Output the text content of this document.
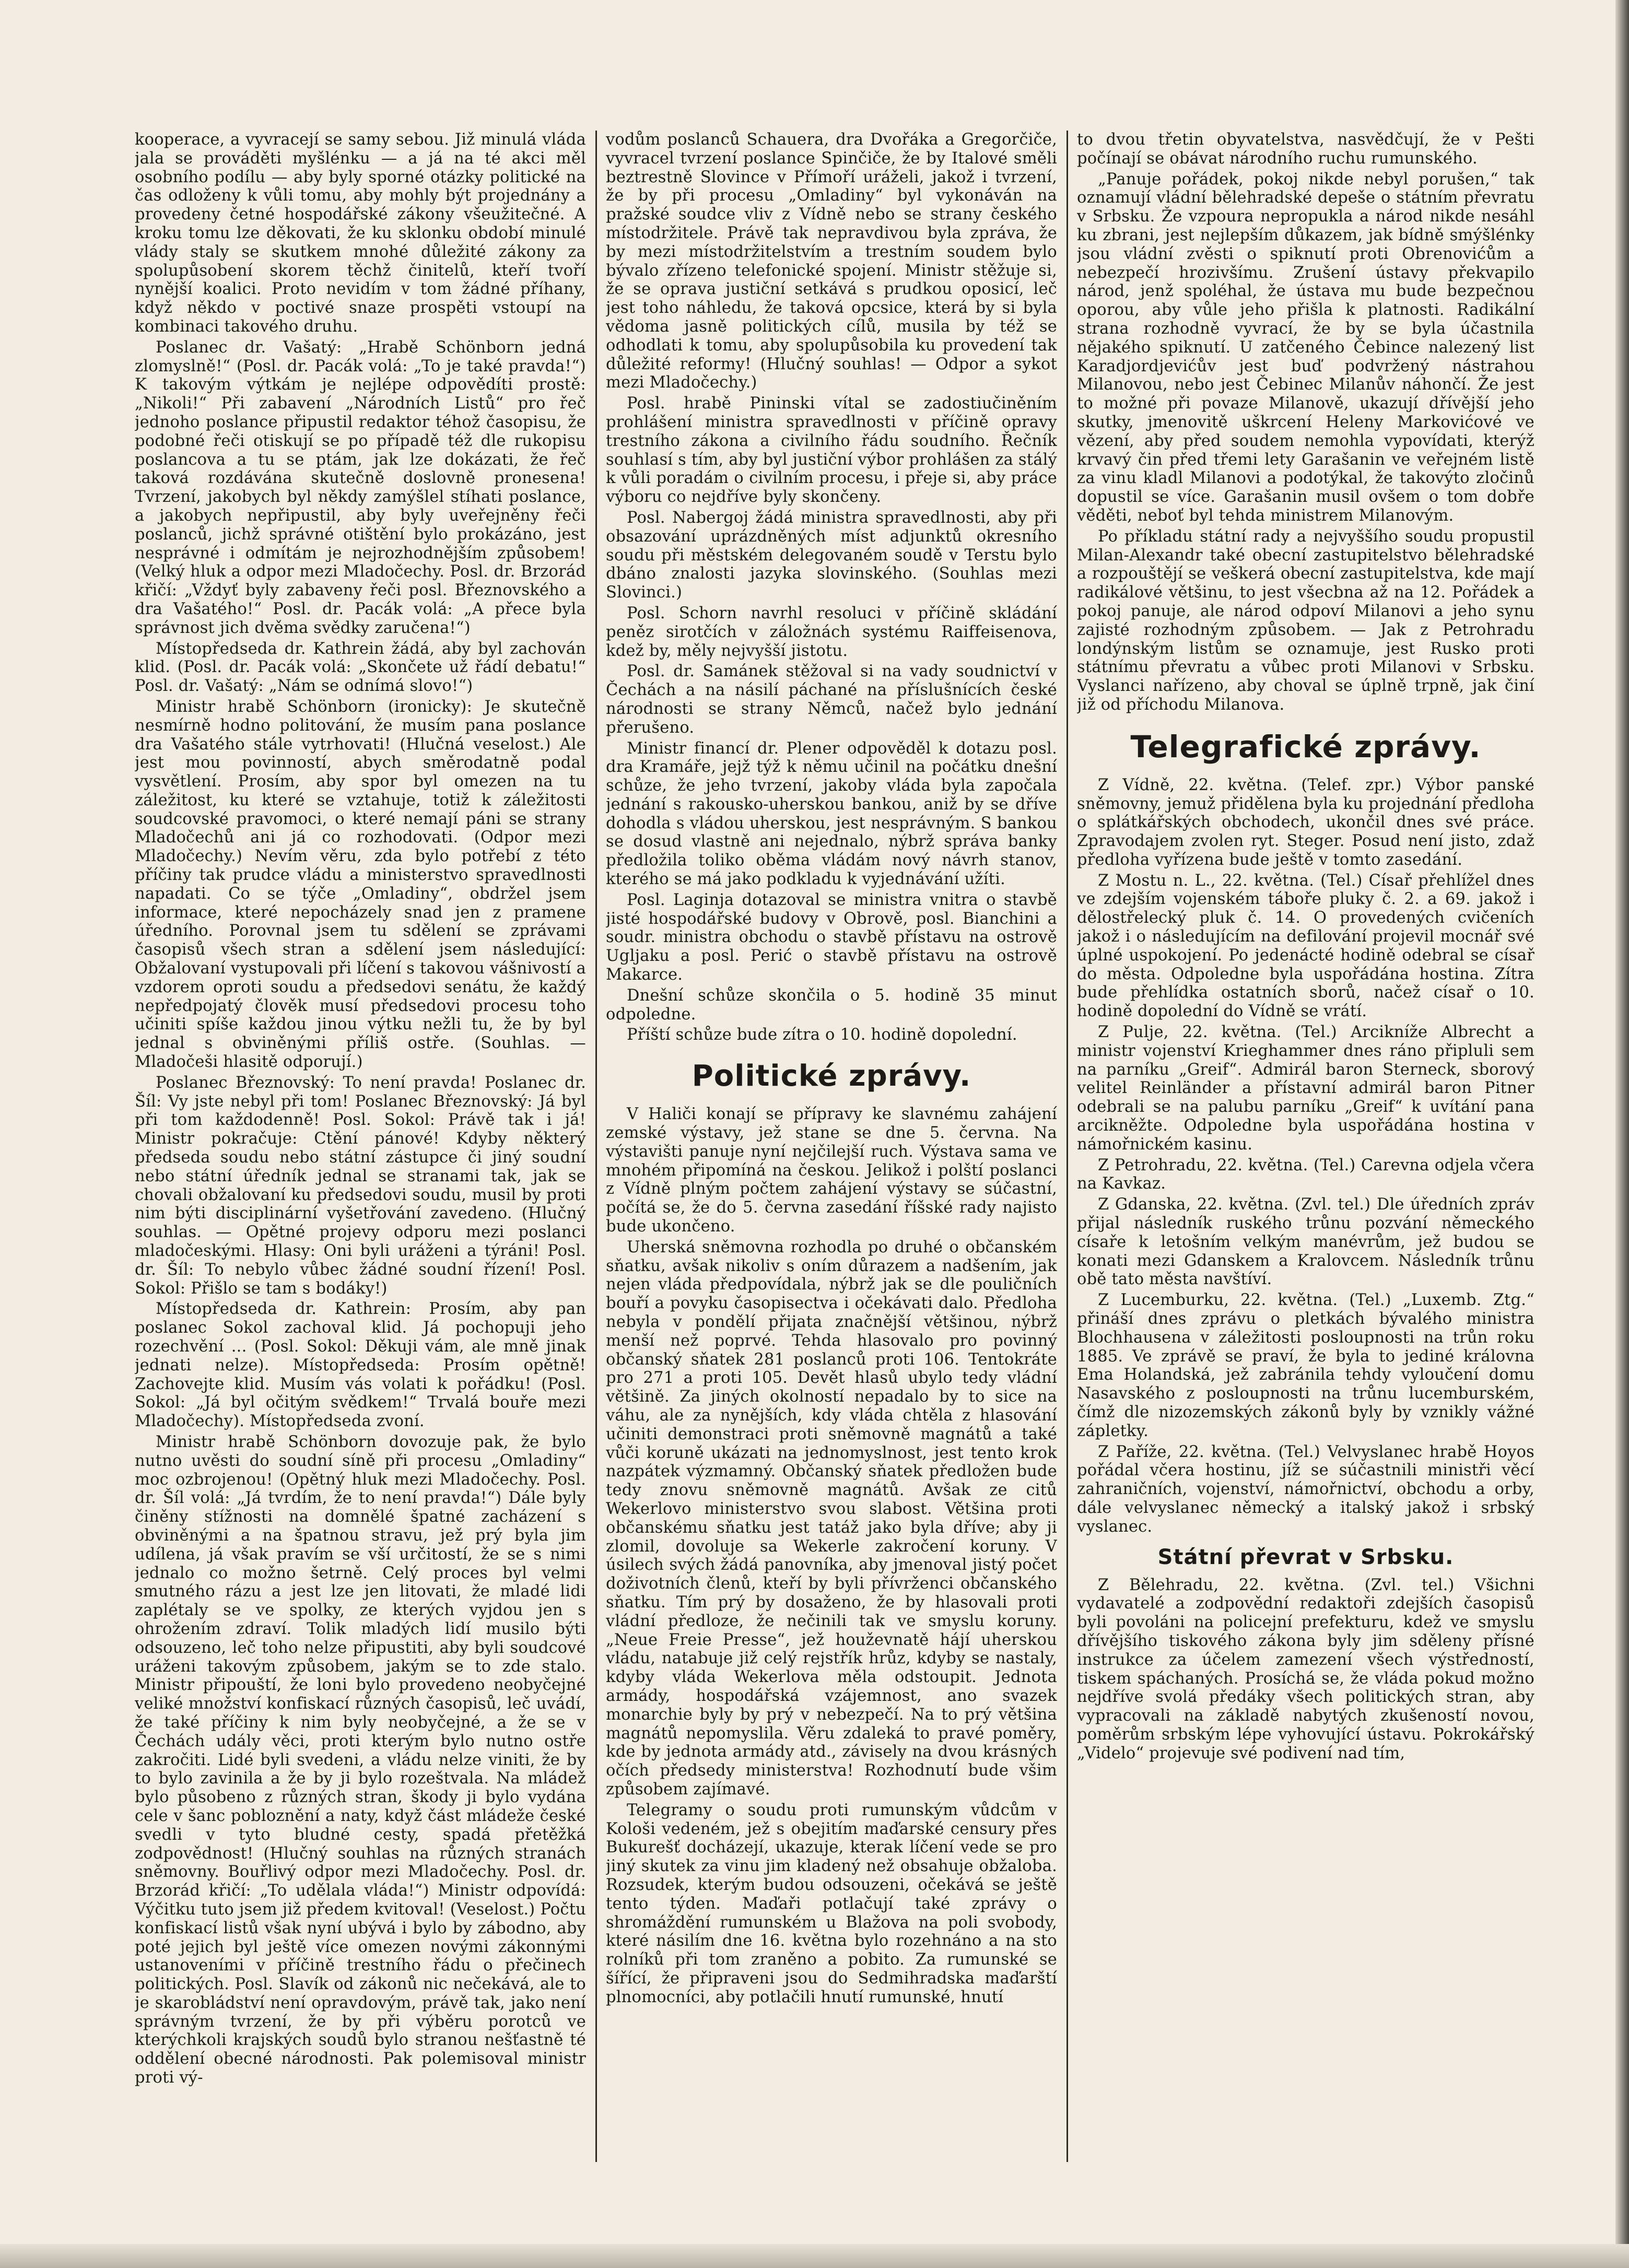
kooperace, a vyvracejí se samy sebou. Již minulá vláda jala se prováděti myšlénku — a já na té akci měl osobního podílu — aby byly sporné otázky politické na čas odloženy k vůli tomu, aby mohly být projednány a provedeny četné hospodářské zákony všeužitečné. A kroku tomu lze děkovati, že ku sklonku období minulé vlády staly se skutkem mnohé důležité zákony za spolupůsobení skorem těchž činitelů, kteří tvoří nynější koalici. Proto nevidím v tom žádné příhany, když někdo v poctivé snaze prospěti vstoupí na kombinaci takového druhu.

Poslanec dr. Vašatý: „Hrabě Schönborn jedná zlomyslně!“ (Posl. dr. Pacák volá: „To je také pravda!“) K takovým výtkám je nejlépe odpovědíti prostě: „Nikoli!“ Při zabavení „Národních Listů“ pro řeč jednoho poslance připustil redaktor téhož časopisu, že podobné řeči otiskují se po případě též dle rukopisu poslancova a tu se ptám, jak lze dokázati, že řeč taková rozdávána skutečně doslovně pronesena! Tvrzení, jakobych byl někdy zamýšlel stíhati poslance, a jakobych nepřipustil, aby byly uveřejněny řeči poslanců, jichž správné otištění bylo prokázáno, jest nesprávné i odmítám je nejrozhodnějším způsobem! (Velký hluk a odpor mezi Mladočechy. Posl. dr. Brzorád křičí: „Vždyť byly zabaveny řeči posl. Březnovského a dra Vašatého!“ Posl. dr. Pacák volá: „A přece byla správnost jich dvěma svědky zaručena!“)

Místopředseda dr. Kathrein žádá, aby byl zachován klid. (Posl. dr. Pacák volá: „Skončete už řádí debatu!“ Posl. dr. Vašatý: „Nám se odnímá slovo!“)

Ministr hrabě Schönborn (ironicky): Je skutečně nesmírně hodno politování, že musím pana poslance dra Vašatého stále vytrhovati! (Hlučná veselost.) Ale jest mou povinností, abych směrodatně podal vysvětlení. Prosím, aby spor byl omezen na tu záležitost, ku které se vztahuje, totiž k záležitosti soudcovské pravomoci, o které nemají páni se strany Mladočechů ani já co rozhodovati. (Odpor mezi Mladočechy.) Nevím věru, zda bylo potřebí z této příčiny tak prudce vládu a ministerstvo spravedlnosti napadati. Co se týče „Omladiny“, obdržel jsem informace, které nepocházely snad jen z pramene úředního. Porovnal jsem tu sdělení se zprávami časopisů všech stran a sdělení jsem následující: Obžalovaní vystupovali při líčení s takovou vášnivostí a vzdorem oproti soudu a předsedovi senátu, že každý nepředpojatý člověk musí předsedovi procesu toho učiniti spíše každou jinou výtku nežli tu, že by byl jednal s obviněnými příliš ostře. (Souhlas. — Mladočeši hlasitě odporují.)

Poslanec Březnovský: To není pravda! Poslanec dr. Šíl: Vy jste nebyl při tom! Poslanec Březnovský: Já byl při tom každodenně! Posl. Sokol: Právě tak i já! Ministr pokračuje: Ctění pánové! Kdyby některý předseda soudu nebo státní zástupce či jiný soudní nebo státní úředník jednal se stranami tak, jak se chovali obžalovaní ku předsedovi soudu, musil by proti nim býti disciplinární vyšetřování zavedeno. (Hlučný souhlas. — Opětné projevy odporu mezi poslanci mladočeskými. Hlasy: Oni byli uráženi a týráni! Posl. dr. Šíl: To nebylo vůbec žádné soudní řízení! Posl. Sokol: Přišlo se tam s bodáky!)

Místopředseda dr. Kathrein: Prosím, aby pan poslanec Sokol zachoval klid. Já pochopuji jeho rozechvění ... (Posl. Sokol: Děkuji vám, ale mně jinak jednati nelze). Místopředseda: Prosím opětně! Zachovejte klid. Musím vás volati k pořádku! (Posl. Sokol: „Já byl očitým svědkem!“ Trvalá bouře mezi Mladočechy). Místopředseda zvoní.

Ministr hrabě Schönborn dovozuje pak, že bylo nutno uvěsti do soudní síně při procesu „Omladiny“ moc ozbrojenou! (Opětný hluk mezi Mladočechy. Posl. dr. Šíl volá: „Já tvrdím, že to není pravda!“) Dále byly činěny stížnosti na domnělé špatné zacházení s obviněnými a na špatnou stravu, jež prý byla jim udílena, já však pravím se vší určitostí, že se s nimi jednalo co možno šetrně. Celý proces byl velmi smutného rázu a jest lze jen litovati, že mladé lidi zaplétaly se ve spolky, ze kterých vyjdou jen s ohrožením zdraví. Tolik mladých lidí musilo býti odsouzeno, leč toho nelze připustiti, aby byli soudcové uráženi takovým způsobem, jakým se to zde stalo. Ministr připouští, že loni bylo provedeno neobyčejné veliké množství konfiskací různých časopisů, leč uvádí, že také příčiny k nim byly neobyčejné, a že se v Čechách udály věci, proti kterým bylo nutno ostře zakročiti. Lidé byli svedeni, a vládu nelze viniti, že by to bylo zavinila a že by ji bylo rozeštvala. Na mládež bylo působeno z různých stran, škody ji bylo vydána cele v šanc pobloznění a naty, když část mládeže české svedli v tyto bludné cesty, spadá přetěžká zodpovědnost! (Hlučný souhlas na různých stranách sněmovny. Bouřlivý odpor mezi Mladočechy. Posl. dr. Brzorád křičí: „To udělala vláda!“) Ministr odpovídá: Výčitku tuto jsem již předem kvitoval! (Veselost.) Počtu konfiskací listů však nyní ubývá i bylo by zábodno, aby poté jejich byl ještě více omezen novými zákonnými ustanoveními v příčině trestního řádu o přečinech politických. Posl. Slavík od zákonů nic nečekává, ale to je skarobládství není opravdovým, právě tak, jako není správným tvrzení, že by při výběru porotců ve kterýchkoli krajských soudů bylo stranou nešťastně té oddělení obecné národnosti. Pak polemisoval ministr proti vý-

vodům poslanců Schauera, dra Dvořáka a Gregorčiče, vyvracel tvrzení poslance Spinčiče, že by Italové směli beztrestně Slovince v Přímoří uráželi, jakož i tvrzení, že by při procesu „Omladiny“ byl vykonáván na pražské soudce vliv z Vídně nebo se strany českého místodržitele. Právě tak nepravdivou byla zpráva, že by mezi místodržitelstvím a trestním soudem bylo bývalo zřízeno telefonické spojení. Ministr stěžuje si, že se oprava justiční setkává s prudkou oposicí, leč jest toho náhledu, že taková opcsice, která by si byla vědoma jasně politických cílů, musila by též se odhodlati k tomu, aby spolupůsobila ku provedení tak důležité reformy! (Hlučný souhlas! — Odpor a sykot mezi Mladočechy.)

Posl. hrabě Pininski vítal se zadostiučiněním prohlášení ministra spravedlnosti v příčině opravy trestního zákona a civilního řádu soudního. Řečník souhlasí s tím, aby byl justiční výbor prohlášen za stálý k vůli poradám o civilním procesu, i přeje si, aby práce výboru co nejdříve byly skončeny.

Posl. Nabergoj žádá ministra spravedlnosti, aby při obsazování uprázdněných míst adjunktů okresního soudu při městském delegovaném soudě v Terstu bylo dbáno znalosti jazyka slovinského. (Souhlas mezi Slovinci.)

Posl. Schorn navrhl resoluci v příčině skládání peněz sirotčích v záložnách systému Raiffeisenova, kdež by, měly nejvyšší jistotu.

Posl. dr. Samánek stěžoval si na vady soudnictví v Čechách a na násilí páchané na příslušnících české národnosti se strany Němců, načež bylo jednání přerušeno.

Ministr financí dr. Plener odpověděl k dotazu posl. dra Kramáře, jejž týž k němu učinil na počátku dnešní schůze, že jeho tvrzení, jakoby vláda byla započala jednání s rakousko-uherskou bankou, aniž by se dříve dohodla s vládou uherskou, jest nesprávným. S bankou se dosud vlastně ani nejednalo, nýbrž správa banky předložila toliko oběma vládám nový návrh stanov, kterého se má jako podkladu k vyjednávání užíti.

Posl. Laginja dotazoval se ministra vnitra o stavbě jisté hospodářské budovy v Obrově, posl. Bianchini a soudr. ministra obchodu o stavbě přístavu na ostrově Ugljaku a posl. Perić o stavbě přístavu na ostrově Makarce.

Dnešní schůze skončila o 5. hodině 35 minut odpoledne.

Příští schůze bude zítra o 10. hodině dopolední.

Politické zprávy.

V Haliči konají se přípravy ke slavnému zahájení zemské výstavy, jež stane se dne 5. června. Na výstavišti panuje nyní nejčilejší ruch. Výstava sama ve mnohém připomíná na českou. Jelikož i polští poslanci z Vídně plným počtem zahájení výstavy se súčastní, počítá se, že do 5. června zasedání říšské rady najisto bude ukončeno.

Uherská sněmovna rozhodla po druhé o občanském sňatku, avšak nikoliv s oním důrazem a nadšením, jak nejen vláda předpovídala, nýbrž jak se dle pouličních bouří a povyku časopisectva i očekávati dalo. Předloha nebyla v pondělí přijata značnější většinou, nýbrž menší než poprvé. Tehda hlasovalo pro povinný občanský sňatek 281 poslanců proti 106. Tentokráte pro 271 a proti 105. Devět hlasů ubylo tedy vládní většině. Za jiných okolností nepadalo by to sice na váhu, ale za nynějších, kdy vláda chtěla z hlasování učiniti demonstraci proti sněmovně magnátů a také vůči koruně ukázati na jednomyslnost, jest tento krok nazpátek výzmamný. Občanský sňatek předložen bude tedy znovu sněmovně magnátů. Avšak ze citů Wekerlovo ministerstvo svou slabost. Většina proti občanskému sňatku jest tatáž jako byla dříve; aby ji zlomil, dovoluje sa Wekerle zakročení koruny. V úsilech svých žádá panovníka, aby jmenoval jistý počet doživotních členů, kteří by byli přívrženci občanského sňatku. Tím prý by dosaženo, že by hlasovali proti vládní předloze, že nečinili tak ve smyslu koruny. „Neue Freie Presse“, jež houževnatě hájí uherskou vládu, natabuje již celý rejstřík hrůz, kdyby se nastaly, kdyby vláda Wekerlova měla odstoupit. Jednota armády, hospodářská vzájemnost, ano svazek monarchie byly by prý v nebezpečí. Na to prý většina magnátů nepomyslila. Věru zdaleká to pravé poměry, kde by jednota armády atd., závisely na dvou krásných očích předsedy ministerstva! Rozhodnutí bude všim způsobem zajímavé.

Telegramy o soudu proti rumunským vůdcům v Kološi vedeném, jež s obejitím maďarské censury přes Bukurešť docházejí, ukazuje, kterak líčení vede se pro jiný skutek za vinu jim kladený než obsahuje obžaloba. Rozsudek, kterým budou odsouzeni, očekává se ještě tento týden. Maďaři potlačují také zprávy o shromáždění rumunském u Blažova na poli svobody, které násilím dne 16. května bylo rozehnáno a na sto rolníků při tom zraněno a pobito. Za rumunské se šířící, že připraveni jsou do Sedmihradska maďarští plnomocníci, aby potlačili hnutí rumunské, hnutí

to dvou třetin obyvatelstva, nasvědčují, že v Pešti počínají se obávat národního ruchu rumunského.

„Panuje pořádek, pokoj nikde nebyl porušen,“ tak oznamují vládní bělehradské depeše o státním převratu v Srbsku. Že vzpoura nepropukla a národ nikde nesáhl ku zbrani, jest nejlepším důkazem, jak bídně smýšlénky jsou vládní zvěsti o spiknutí proti Obrenovićům a nebezpečí hrozivšímu. Zrušení ústavy překvapilo národ, jenž spoléhal, že ústava mu bude bezpečnou oporou, aby vůle jeho přišla k platnosti. Radikální strana rozhodně vyvrací, že by se byla účastnila nějakého spiknutí. U zatčeného Čebince nalezený list Karadjordjevićův jest buď podvržený nástrahou Milanovou, nebo jest Čebinec Milanův náhončí. Že jest to možné při povaze Milanově, ukazují dřívější jeho skutky, jmenovitě uškrcení Heleny Markovićové ve vězení, aby před soudem nemohla vypovídati, kterýž krvavý čin před třemi lety Garašanin ve veřejném listě za vinu kladl Milanovi a podotýkal, že takovýto zločinů dopustil se více. Garašanin musil ovšem o tom dobře věděti, neboť byl tehda ministrem Milanovým.

Po příkladu státní rady a nejvyššího soudu propustil Milan-Alexandr také obecní zastupitelstvo bělehradské a rozpouštějí se veškerá obecní zastupitelstva, kde mají radikálové většinu, to jest všecbna až na 12. Pořádek a pokoj panuje, ale národ odpoví Milanovi a jeho synu zajisté rozhodným způsobem. — Jak z Petrohradu londýnským listům se oznamuje, jest Rusko proti státnímu převratu a vůbec proti Milanovi v Srbsku. Vyslanci nařízeno, aby choval se úplně trpně, jak činí již od příchodu Milanova.

Telegrafické zprávy.

Z Vídně, 22. května. (Telef. zpr.) Výbor panské sněmovny, jemuž přidělena byla ku projednání předloha o splátkářských obchodech, ukončil dnes své práce. Zpravodajem zvolen ryt. Steger. Posud není jisto, zdaž předloha vyřízena bude ještě v tomto zasedání.

Z Mostu n. L., 22. května. (Tel.) Císař přehlížel dnes ve zdejším vojenském táboře pluky č. 2. a 69. jakož i dělostřelecký pluk č. 14. O provedených cvičeních jakož i o následujícím na defilování projevil mocnář své úplné uspokojení. Po jedenácté hodině odebral se císař do města. Odpoledne byla uspořádána hostina. Zítra bude přehlídka ostatních sborů, načež císař o 10. hodině dopolední do Vídně se vrátí.

Z Pulje, 22. května. (Tel.) Arcikníže Albrecht a ministr vojenství Krieghammer dnes ráno připluli sem na parníku „Greif“. Admirál baron Sterneck, sborový velitel Reinländer a přístavní admirál baron Pitner odebrali se na palubu parníku „Greif“ k uvítání pana arcikněžte. Odpoledne byla uspořádána hostina v námořnickém kasinu.

Z Petrohradu, 22. května. (Tel.) Carevna odjela včera na Kavkaz.

Z Gdanska, 22. května. (Zvl. tel.) Dle úředních zpráv přijal následník ruského trůnu pozvání německého císaře k letošním velkým manévrům, jež budou se konati mezi Gdanskem a Kralovcem. Následník trůnu obě tato města navštíví.

Z Lucemburku, 22. května. (Tel.) „Luxemb. Ztg.“ přináší dnes zprávu o pletkách bývalého ministra Blochhausena v záležitosti posloupnosti na trůn roku 1885. Ve zprávě se praví, že byla to jediné královna Ema Holandská, jež zabránila tehdy vyloučení domu Nasavského z posloupnosti na trůnu lucemburském, čímž dle nizozemských zákonů byly by vznikly vážné zápletky.

Z Paříže, 22. května. (Tel.) Velvyslanec hrabě Hoyos pořádal včera hostinu, jíž se súčastnili ministři věcí zahraničních, vojenství, námořnictví, obchodu a orby, dále velvyslanec německý a italský jakož i srbský vyslanec.

Státní převrat v Srbsku.

Z Bělehradu, 22. května. (Zvl. tel.) Všichni vydavatelé a zodpovědní redaktoři zdejších časopisů byli povoláni na policejní prefekturu, kdež ve smyslu dřívějšího tiskového zákona byly jim sděleny přísné instrukce za účelem zamezení všech výstředností, tiskem spáchaných. Prosíchá se, že vláda pokud možno nejdříve svolá předáky všech politických stran, aby vypracovali na základě nabytých zkušeností novou, poměrům srbským lépe vyhovující ústavu. Pokrokářský „Videlo“ projevuje své podivení nad tím,
